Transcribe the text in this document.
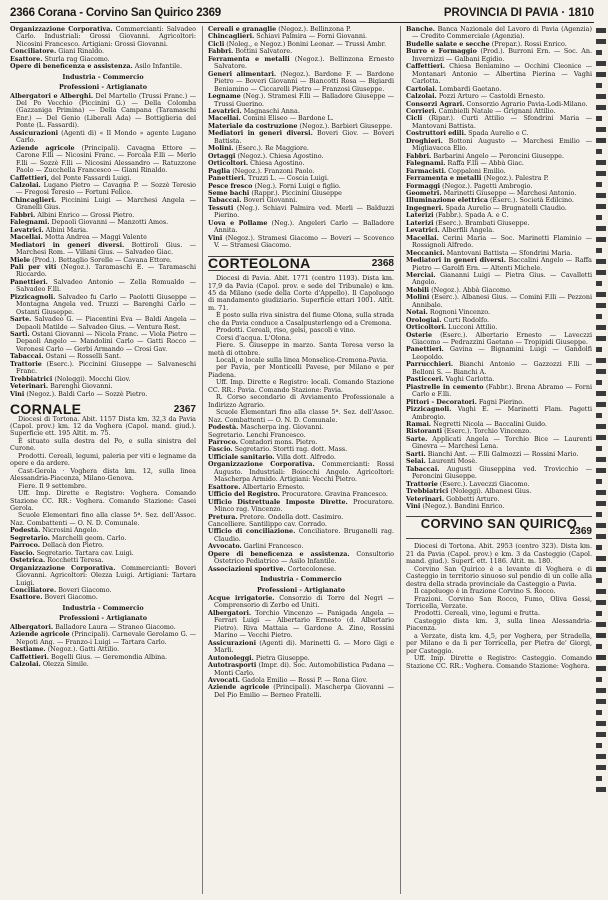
2366 Corana - Corvino San Quirico 2369	PROVINCIA DI PAVIA · 1810

Organizzazione Corporativa. Commercianti: Salvadeo Carlo. Industriali: Grossi Giovanni. Agricoltori: Nicosini Francesco. Artigiani: Grossi Giovanni.

Conciliatore. Giani Rinaldo.

Esattore. Sturla rag Giacomo.

Opere di beneficenza e assistenza. Asilo Infantile.

Industria - Commercio
Professioni - Artigianato

Albergatori e Alberghi. Del Martello (Trussi Franc.) — Del Po Vecchio (Piccinini G.) — Della Colomba (Gazzaniga Primina) — Della Campana (Taramaschi Enr.) — Del Genio (Liberali Ada) — Bottiglieria del Ponte (L. Fassardi).

Assicurazioni (Agenti di) « Il Mondo » agente Lugano Carlo.

Aziende agricole (Principali). Cavagna Ettore — Carone F.lli — Nicosini Franc. — Forcala F.lli — Merlo F.lli — Sozzè F.lli — Nicosini Alessandro — Ratuzzone Paolo — Zucchella Francesco — Giani Rinaldo.

Caffettieri, del Ponte Fassardi Luigi.

Calzolai. Lugano Pietro — Cavagna P. — Sozzè Teresio — Fregosi Teresio — Fortuni Felice.

Chincaglieri. Piccinini Luigi — Marchesi Angela — Granelli Gius.

Fabbri. Albini Enrico — Grossi Pietro.

Falegnami. Depaoli Giovanni — Manzotti Amos.

Levatrici. Albini Maria.

Macellai. Motta Andrea — Maggi Valente

Mediatori in generi diversi. Bottiroli Gius. — Marchesi Rom. — Villani Gius. — Salvadeo Giac.

Miele (Prod.). Bettaglio Sorelle — Cavana Ettore.

Pali per viti (Negoz.). Taramaschi E. — Taramaschi Riccardo.

Panettieri. Salvadeo Antonio — Zella Romualdo — Salvadeo F.lli.

Pizzicagnoli. Salvadeo fu Carlo — Paolotti Giuseppe — Montagna Angela ved. Truzzi — Barenghi Carlo — Ostanti Giuseppe.

Sarte. Salvadeo G. — Piacentini Eva — Baldi Angela — Depaoli Matilde — Salvadeo Gius. — Ventura Rest.

Sarti. Ostani Giovanni — Nicola Franc. — Viola Pietro — Depaoli Angelo — Mandolini Carlo — Gatti Rocco — Veronesi Carlo — Gerbi Armando — Crosi Gav.

Tabaccai. Ostani — Rosselli Sant.

Trattorie (Eserc.). Piccinini Giuseppe — Salvaneschi Franc.

Trebbiatrici (Noleggi). Mocchi Giov.

Veterinari. Barenghi Giovanni.

Vini (Negoz.). Baldi Carlo — Sozzè Pietro.

CORNALE	2367

Diocesi di Tortona. Abit. 1157 Dista km. 32,3 da Pavia (Capol. prov.) km. 12 da Voghera (Capol. mand. giud.). Superficie ett. 195 Altit. m. 75.

È situato sulla destra del Po, e sulla sinistra del Curone.

Prodotti. Cereali, legumi, paleria per viti e legname da opere e da ardere.

Cast-Gerola · Voghera dista km. 12, sulla linea Alessandria-Piacenza, Milano-Genova.

Fiere. Il 9 settembre.

Uff. Imp. Dirette e Registro: Voghera. Comando Stazione CC. RR.: Voghera. Comando Stazione: Casei Gerola.

Scuole Elementari fino alla classe 5ª. Sez. dell'Assoc. Naz. Combattenti — O. N. D. Comunale.

Podestà. Nicrosini Angelo.

Segretario. Marchelli geom. Carlo.

Parroco. Dellacà don Pietro.

Fascio. Segretario. Tartara cav. Luigi.

Ostetrica. Rocchetti Teresa.

Organizzazione Corporativa. Commercianti: Boveri Giovanni. Agricoltori: Olezza Luigi. Artigiani: Tartara Luigi.

Conciliatore. Boveri Giacomo.

Esattore. Boveri Giacomo.

Industria - Commercio
Professioni - Artigianato

Albergatori. Balladore Laura — Straneo Giacomo.

Aziende agricole (Principali). Carnevale Gerolamo G. — Nepoti Ang. — Franzo-i Luigi — Tartara Carlo.

Bestiame. (Negoz.). Gatti Attilio.

Caffettieri. Bogelli Gius. — Geremondia Albina.

Calzolai. Olezza Simile.

Cereali e granaglie (Negoz.). Bellinzona P.

Chincaglieri. Schiavi Palmira — Forni Giovanni.

Cicli (Noleg., e Negoz.) Bonini Leonar. — Trussi Ambr.

Fabbri. Bottini Salvatore.

Ferramenta e metalli (Negoz.). Bellinzona Ernesto Salvatore.

Generi alimentari. (Negoz.). Bardone F. — Bardone Pietro — Boveri Giovanni — Biancotti Rosa — Bigiardi Beniamino — Ciccarelli Pietro — Franzosi Giuseppe.

Legname (Neg.). Stramesi F.lli — Balladore Giuseppe — Trussi Guerino.

Levatrici. Magnaschi Anna.

Macellai. Comini Eliseo — Bardone L.

Materiale da costruzione (Negoz.). Barbieri Giuseppe.

Mediatori in generi diversi. Boveri Giov. — Boveri Battista.

Molini. (Eserc.). Re Maggiore.

Ortaggi (Negoz.). Chiesa Agostino.

Orticoltori. Chiesa Agostino.

Paglia (Negoz.). Franzoni Paolo.

Panettieri. Truzzi L. — Coscia Luigi.

Pesce fresco (Neg.). Forni Luigi e figlio.

Seme bachi (Rappr.). Piccinini Giuseppe

Tabaccai. Boveri Giovanni.

Tessuti (Neg.). Schiavi Palmira ved. Merli — Balduzzi Pierino.

Uova e Pollame (Neg.). Angeleri Carlo — Balladore Annita.

Vini (Negoz.). Stramesi Giacomo — Boveri — Scovenco V. — Stramesi Giacomo.

CORTEOLONA	2368

Diocesi di Pavia. Abit. 1771 (centro 1193). Dista km. 17,9 da Pavia (Capol. prov. e sede del Tribunale) e km. 45 da Milano (sede della Corte d'Appello). Il Capoluogo di mandamento giudiziario. Superficie ettari 1001. Altit. m. 71.

È posto sulla riva sinistra del fiume Olona, sulla strada che da Pavia conduce a Casalpusterlengo ed a Cremona.

Prodotti. Cereali, riso, gelsi, pascoli e vino.

Corsi d'acqua. L'Olona.

Fiere. S. Giuseppe in marzo. Santa Teresa verso la metà di ottobre.

Locali, e locale sulla linea Monselice-Cremona-Pavia.

per Pavia, per Monticelli Pavese, per Milano e per Piadena.

Uff. Imp. Dirette e Registro: locali. Comando Stazione CC. RR.: Pavia. Comando Stazione: Pavia.

R. Corso secondario di Avviamento Professionale a Indirizzo Agrario.

Scuole Elementari fino alla classe 5ª. Sez. dell'Assoc. Naz. Combattenti — O. N. D. Comunale.

Podestà. Mascherpa ing. Giovanni.

Segretario. Lenchi Francesco.

Parroco. Contadori mons. Pietro.

Fascio. Segretario. Stortti rag. dott. Mass.

Ufficiale sanitario. Villa dott. Alfredo.

Organizzazione Corporativa. Commercianti: Rossi Augusto. Industriali: Boiocchi Angelo. Agricoltori: Mascherpa Armido. Artigiani: Vecchi Pietro.

Esattore. Albertario Ernesto.

Ufficio del Registro. Procuratore. Gravina Francesco.

Ufficio Distrettuale Imposte Dirette. Procuratore. Minco rag. Vincenzo.

Pretura. Pretore. Ondella dott. Casimiro.

Cancelliere. Santilippo cav. Corrado.

Ufficio di conciliazione. Conciliatore. Bruganelli rag. Claudio.

Avvocato. Garlini Francesco.

Opere di beneficenza e assistenza. Consultorio Ostetrico Pediatrico — Asilo Infantile.

Associazioni sportive. Cortecolonese.

Industria - Commercio
Professioni - Artigianato

Acque irrigatorie. Consorzio di Torre del Negri — Comprensorio di Zerbo ed Uniti.

Albergatori. Torchio Vincenzo — Panigada Angela — Ferrari Luigi — Albertario Ernesto (d. Albertario Pietro). Riva Mattaia — Gardone A. Zino, Rossini Marino — Vecchi Pietro.

Assicurazioni (Agenti di). Marinetti G. — Moro Gigi e Marli.

Autonoleggi. Pietra Giuseppe.

Autotrasporti (Impr. di). Soc. Automobilistica Padana — Monti Carlo.

Avvocati. Gadola Emilio — Rossi P. — Rona Giov.

Aziende agricole (Principali). Mascherpa Giovanni — Del Pio Emilio — Berneo Fratelli.

Banche. Banca Nazionale del Lavoro di Pavia (Agenzia) — Credito Commerciale (Agenzia).

Budelle salate e secche (Prepar.). Rossi Enrico.

Burro e Formaggio (Prod.). Burroni Ern. — Soc. An. Invernizzi — Galbani Egidio.

Caffettieri. Chiesa Beniamino — Occhini Cleonice — Montanari Antonio — Albertina Pierina — Vaghi Carlotta.

Cartolai. Lombardi Gaetano.

Calzolai. Pozzi Arturo — Castoldi Ernesto.

Consorzi Agrari. Consorzio Agrario Pavia-Lodi-Milano.

Corrieri. Cambielli Natale — Grignani Attilio.

Cicli (Ripar.). Curti Attilio — Sfondrini Maria — Mantovani Battista.

Costruttori edili. Spada Aurelio e C.

Droghieri. Bottoni Augusto — Marchesi Emilio — Migliavacca Elio.

Fabbri. Barbarini Angelo — Peroncini Giuseppe.

Falegnami. Raffa F.lli — Abbà Giac.

Farmacisti. Coppaloni Emilio.

Ferramenta e metalli (Negoz.). Palestra P.

Formaggi (Negoz.). Pagetti Ambrogio.

Geometri. Marinetti Giuseppe — Marchesi Antonio.

Illuminazione elettrica (Eserc.). Società Edilcino.

Ingegneri. Spada Aurelio — Brugnatelli Claudio.

Laterizi (Fabbr.). Spada A. e C.

Laterizi (Eserc.). Brambati Giuseppe.

Levatrici. Alberfili Angela.

Macellai. Cerini Maria — Soc. Marinetti Flaminio — Rossignoli Alfredo.

Meccanici. Mantovani Battista — Sfondrini Maria.

Mediatori in generi diversi. Baccalini Angelo — Raffa Pietro — Garolfi Ern. — Altenti Michele.

Merciai. Giananni Luigi — Pietra Gius. — Cavalletti Angelo.

Mobili (Negoz.). Abbà Giacomo.

Molini (Eserc.). Albanesi Gius. — Comini F.lli — Pezzoni Annibale.

Notai. Rognoni Vincenzo.

Orologiai. Curti Rodolfo.

Orticoltori. Lucconi Attilio.

Osterie (Eserc.). Albertario Ernesto — Laveczzi Giacomo — Pedrazzini Gaetano — Tropipidi Giuseppe.

Panettieri. Gavina — Bignamini Luigi — Gandolfi Leopoldo.

Parrucchieri. Bianchi Antonio — Gazzozzi F.lli — Belloni S. — Bianchi A.

Pasticceri. Vaghi Carlotta.

Piastrelle in cemento (Fabbr.). Brena Abramo — Forni Carlo e F.lli.

Pittori - Decoratori. Fagni Pierino.

Pizzicagnoli. Vaghi E. — Marinetti Flam. Pagetti Ambrogio.

Ramai. Negretti Nicola — Baccalini Guido.

Ristoranti (Eserc.). Torchio Vincenzo.

Sarte. Applicati Angela — Torchio Bice — Laurenti Ginevra — Marchesi Lena.

Sarti. Bianchi Ant. — F.lli Galmozzi — Rossini Mario.

Selai. Laurenti Mosè.

Tabaccai. Augusti Giuseppina ved. Trovicchio — Peroncini Giuseppe.

Trattorie (Eserc.). Laveczzi Giacomo.

Trebbiatrici (Noleggi). Albanesi Gius.

Veterinari. Gobbetti Arturo.

Vini (Negoz.). Bandini Enrico.

CORVINO SAN QUIRICO
2369

Diocesi di Tortona. Abit. 2953 (centro 323). Dista km. 21 da Pavia (Capol. prov.) e km. 3 da Casteggio (Capol. mand. giud.). Superf. ett. 1186. Altit. m. 180.

Corvino San Quirico è a levante di Voghera e di Casteggio in territorio sinuoso sul pendio di un colle alla destra della strada provinciale da Casteggio a Pavia.

Il capoluogo è in frazione Corvino S. Rocco.

Frazioni. Corvino San Rocco, Fumo, Oliva Gessi, Torricella, Verzate.

Prodotti. Cereali, vino, legumi e frutta.

Casteggio dista km. 3, sulla linea Alessandria-Piacenza.

a Verzate, dista km. 4,5, per Voghera, per Stradella, per Milano e da lì per Torricella, per Pietra de' Giorgi, per Casteggio.

Uff. Imp. Dirette e Registro: Casteggio. Comando Stazione CC. RR.: Voghera. Comando Stazione: Voghera.
